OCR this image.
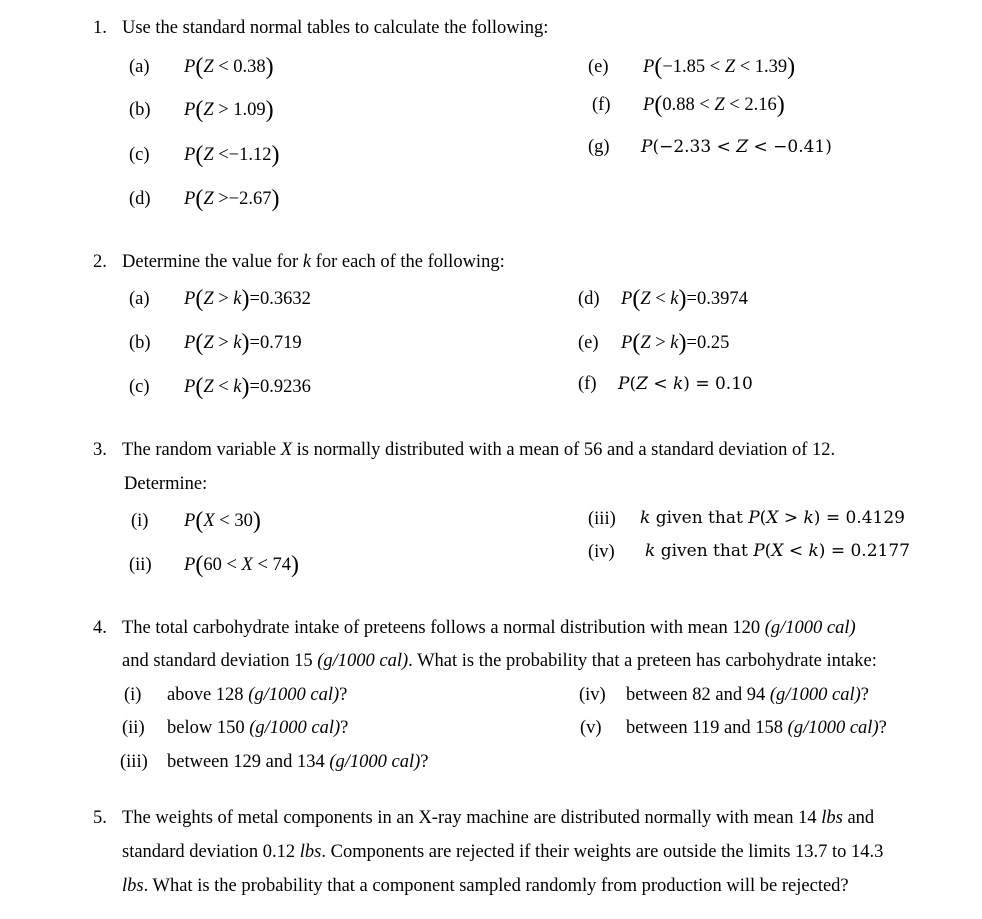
1. Use the standard normal tables to calculate the following:
(a) P(Z < 0.38)
(b) P(Z > 1.09)
(c) P(Z <−1.12)
(d) P(Z >−2.67)
(e) P(−1.85 < Z < 1.39)
(f) P(0.88 < Z < 2.16)
(g) P(−2.33 < Z < −0.41)
2. Determine the value for k for each of the following:
(a) P(Z > k)=0.3632
(b) P(Z > k)=0.719
(c) P(Z < k)=0.9236
(d) P(Z < k)=0.3974
(e) P(Z > k)=0.25
(f) P(Z < k) = 0.10
3. The random variable X is normally distributed with a mean of 56 and a standard deviation of 12.
Determine:
(i) P(X < 30)
(ii) P(60 < X < 74)
(iii) k given that P(X > k) = 0.4129
(iv) k given that P(X < k) = 0.2177
4. The total carbohydrate intake of preteens follows a normal distribution with mean 120 (g/1000 cal)
and standard deviation 15 (g/1000 cal). What is the probability that a preteen has carbohydrate intake:
(i) above 128 (g/1000 cal)?
(ii) below 150 (g/1000 cal)?
(iii) between 129 and 134 (g/1000 cal)?
(iv) between 82 and 94 (g/1000 cal)?
(v) between 119 and 158 (g/1000 cal)?
5. The weights of metal components in an X-ray machine are distributed normally with mean 14 lbs and
standard deviation 0.12 lbs. Components are rejected if their weights are outside the limits 13.7 to 14.3
lbs. What is the probability that a component sampled randomly from production will be rejected?
